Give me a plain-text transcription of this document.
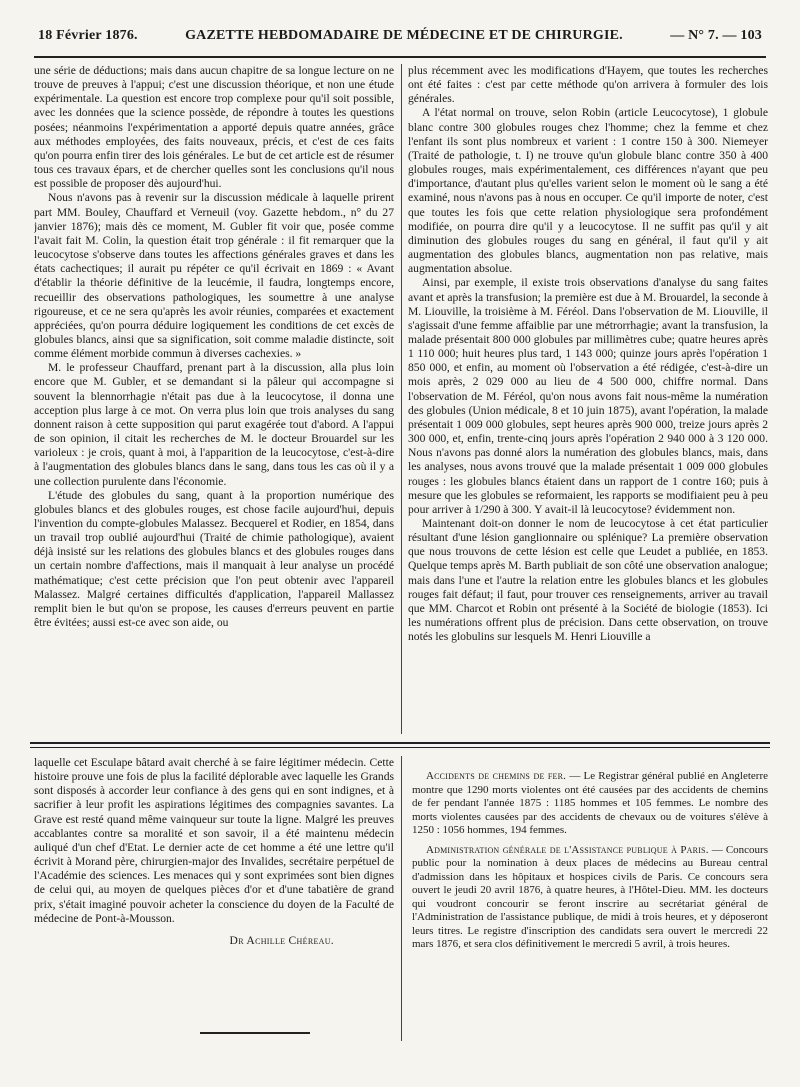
18 Février 1876.	GAZETTE HEBDOMADAIRE DE MÉDECINE ET DE CHIRURGIE.	— N° 7. — 103

une série de déductions; mais dans aucun chapitre de sa longue lecture on ne trouve de preuves à l'appui; c'est une discussion théorique, et non une étude expérimentale. La question est encore trop complexe pour qu'il soit possible, avec les données que la science possède, de répondre à toutes les questions posées; néanmoins l'expérimentation a apporté depuis quatre années, grâce aux méthodes employées, des faits nouveaux, précis, et c'est de ces faits qu'on pourra enfin tirer des lois générales. Le but de cet article est de résumer tous ces travaux épars, et de chercher quelles sont les conclusions qu'il nous est possible de proposer dès aujourd'hui.

Nous n'avons pas à revenir sur la discussion médicale à laquelle prirent part MM. Bouley, Chauffard et Verneuil (voy. Gazette hebdom., n° du 27 janvier 1876); mais dès ce moment, M. Gubler fit voir que, posée comme l'avait fait M. Colin, la question était trop générale : il fit remarquer que la leucocytose s'observe dans toutes les affections générales graves et dans les états cachectiques; il aurait pu répéter ce qu'il écrivait en 1869 : « Avant d'établir la théorie définitive de la leucémie, il faudra, longtemps encore, recueillir des observations pathologiques, les soumettre à une analyse rigoureuse, et ce ne sera qu'après les avoir réunies, comparées et exactement appréciées, qu'on pourra déduire logiquement les conditions de cet excès de globules blancs, ainsi que sa signification, soit comme maladie distincte, soit comme élément morbide commun à diverses cachexies. »

M. le professeur Chauffard, prenant part à la discussion, alla plus loin encore que M. Gubler, et se demandant si la pâleur qui accompagne si souvent la blennorrhagie n'était pas due à la leucocytose, il donna une acception plus large à ce mot. On verra plus loin que trois analyses du sang donnent raison à cette supposition qui parut exagérée tout d'abord. A l'appui de son opinion, il citait les recherches de M. le docteur Brouardel sur les varioleux : je crois, quant à moi, à l'apparition de la leucocytose, c'est-à-dire à l'augmentation des globules blancs dans le sang, dans tous les cas où il y a une collection purulente dans l'économie.

L'étude des globules du sang, quant à la proportion numérique des globules blancs et des globules rouges, est chose facile aujourd'hui, depuis l'invention du compte-globules Malassez. Becquerel et Rodier, en 1854, dans un travail trop oublié aujourd'hui (Traité de chimie pathologique), avaient déjà insisté sur les relations des globules blancs et des globules rouges dans un certain nombre d'affections, mais il manquait à leur analyse un procédé mathématique; c'est cette précision que l'on peut obtenir avec l'appareil Malassez. Malgré certaines difficultés d'application, l'appareil Mallassez remplit bien le but qu'on se propose, les causes d'erreurs peuvent en partie être évitées; aussi est-ce avec son aide, ou

plus récemment avec les modifications d'Hayem, que toutes les recherches ont été faites : c'est par cette méthode qu'on arrivera à formuler des lois générales.

A l'état normal on trouve, selon Robin (article Leucocytose), 1 globule blanc contre 300 globules rouges chez l'homme; chez la femme et chez l'enfant ils sont plus nombreux et varient : 1 contre 150 à 300. Niemeyer (Traité de pathologie, t. I) ne trouve qu'un globule blanc contre 350 à 400 globules rouges, mais expérimentalement, ces différences n'ayant que peu d'importance, d'autant plus qu'elles varient selon le moment où le sang a été examiné, nous n'avons pas à nous en occuper. Ce qu'il importe de noter, c'est que toutes les fois que cette relation physiologique sera profondément modifiée, on pourra dire qu'il y a leucocytose. Il ne suffit pas qu'il y ait diminution des globules rouges du sang en général, il faut qu'il y ait augmentation des globules blancs, augmentation non pas relative, mais augmentation absolue.

Ainsi, par exemple, il existe trois observations d'analyse du sang faites avant et après la transfusion; la première est due à M. Brouardel, la seconde à M. Liouville, la troisième à M. Féréol. Dans l'observation de M. Liouville, il s'agissait d'une femme affaiblie par une métrorrhagie; avant la transfusion, la malade présentait 800 000 globules par millimètres cube; quatre heures après 1 110 000; huit heures plus tard, 1 143 000; quinze jours après l'opération 1 850 000, et enfin, au moment où l'observation a été rédigée, c'est-à-dire un mois après, 2 029 000 au lieu de 4 500 000, chiffre normal. Dans l'observation de M. Féréol, qu'on nous avons fait nous-même la numération des globules (Union médicale, 8 et 10 juin 1875), avant l'opération, la malade présentait 1 009 000 globules, sept heures après 900 000, treize jours après 2 300 000, et, enfin, trente-cinq jours après l'opération 2 940 000 à 3 120 000. Nous n'avons pas donné alors la numération des globules blancs, mais, dans les analyses, nous avons trouvé que la malade présentait 1 009 000 globules rouges : les globules blancs étaient dans un rapport de 1 contre 160; puis à mesure que les globules se reformaient, les rapports se modifiaient peu à peu pour arriver à 1/290 à 300. Y avait-il là leucocytose? évidemment non.

Maintenant doit-on donner le nom de leucocytose à cet état particulier résultant d'une lésion ganglionnaire ou splénique? La première observation que nous trouvons de cette lésion est celle que Leudet a publiée, en 1853. Quelque temps après M. Barth publiait de son côté une observation analogue; mais dans l'une et l'autre la relation entre les globules blancs et les globules rouges fait défaut; il faut, pour trouver ces renseignements, arriver au travail que MM. Charcot et Robin ont présenté à la Société de biologie (1853). Ici les numérations offrent plus de précision. Dans cette observation, on trouve notés les globulins sur lesquels M. Henri Liouville a

laquelle cet Esculape bâtard avait cherché à se faire légitimer médecin. Cette histoire prouve une fois de plus la facilité déplorable avec laquelle les Grands sont disposés à accorder leur confiance à des gens qui en sont indignes, et à sacrifier à leur profit les aspirations légitimes des compagnies savantes. La Grave est resté quand même vainqueur sur toute la ligne. Malgré les preuves accablantes contre sa moralité et son savoir, il a été maintenu médecin auliqué d'un chef d'Etat. Le dernier acte de cet homme a été une lettre qu'il écrivit à Morand père, chirurgien-major des Invalides, secrétaire perpétuel de l'Académie des sciences. Les menaces qui y sont exprimées sont bien dignes de celui qui, au moyen de quelques pièces d'or et d'une tabatière de grand prix, s'était imaginé pouvoir acheter la conscience du doyen de la Faculté de médecine de Pont-à-Mousson.

Dr Achille Chéreau.

Accidents de chemins de fer. — Le Registrar général publié en Angleterre montre que 1290 morts violentes ont été causées par des accidents de chemins de fer pendant l'année 1875 : 1185 hommes et 105 femmes. Le nombre des morts violentes causées par des accidents de chevaux ou de voitures s'élève à 1250 : 1056 hommes, 194 femmes.

Administration générale de l'Assistance publique à Paris. — Concours public pour la nomination à deux places de médecins au Bureau central d'admission dans les hôpitaux et hospices civils de Paris. Ce concours sera ouvert le jeudi 20 avril 1876, à quatre heures, à l'Hôtel-Dieu. MM. les docteurs qui voudront concourir se feront inscrire au secrétariat général de l'Administration de l'assistance publique, de midi à trois heures, et y déposeront leurs titres. Le registre d'inscription des candidats sera ouvert le mercredi 22 mars 1876, et sera clos définitivement le mercredi 5 avril, à trois heures.
